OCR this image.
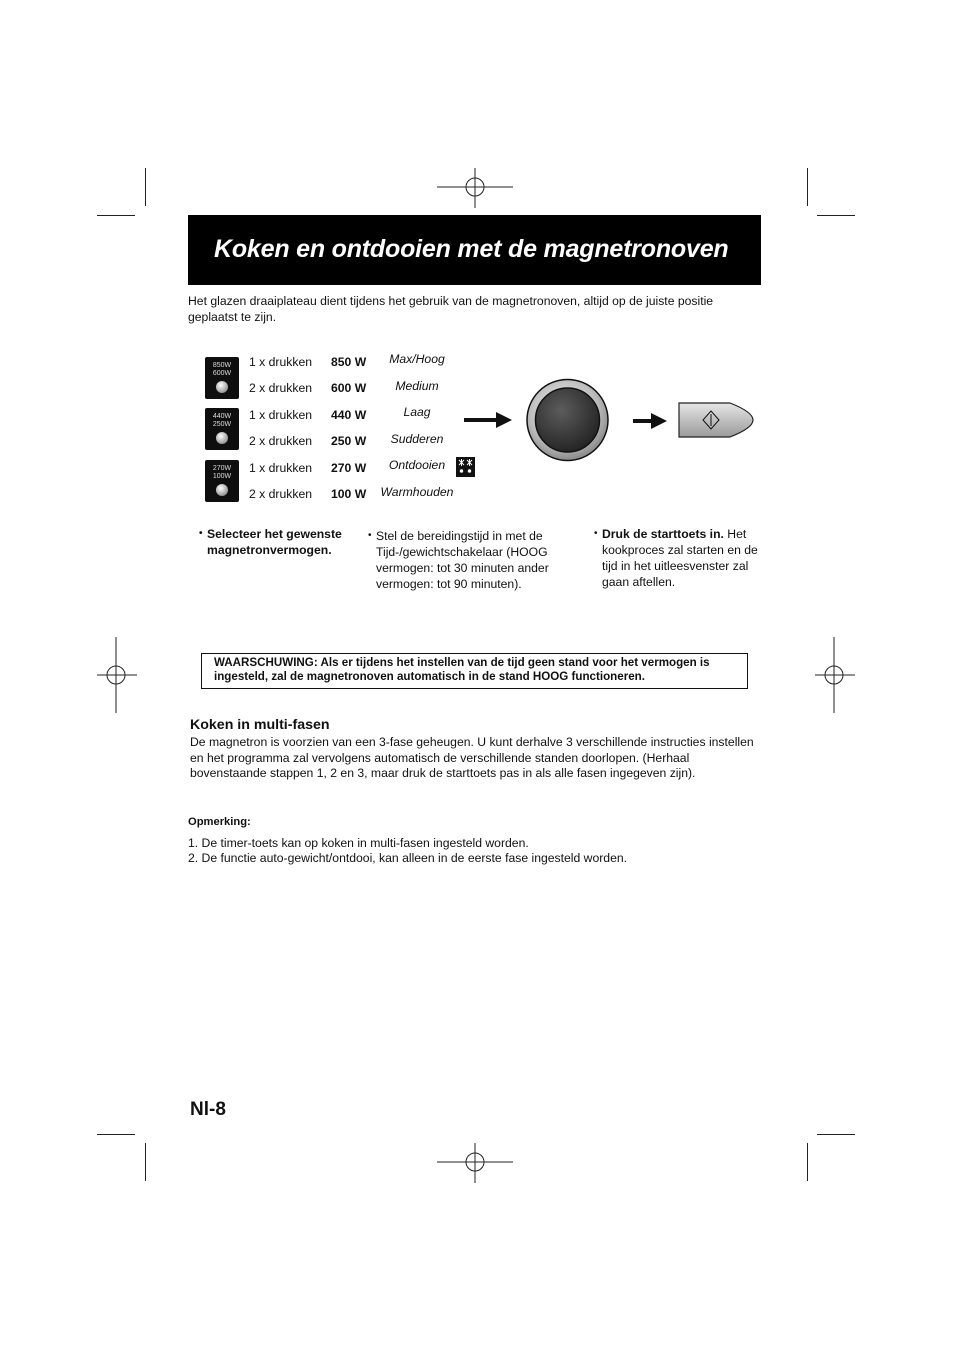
Koken en ontdooien met de magnetronoven
Het glazen draaiplateau dient tijdens het gebruik van de magnetronoven, altijd op de juiste positie geplaatst te zijn.
850W
600W
440W
250W
270W
100W
1 x drukken 850 W	Max/Hoog
2 x drukken 600 W	Medium
1 x drukken 440 W	Laag
2 x drukken 250 W	Sudderen
1 x drukken 270 W	Ontdooien
2 x drukken 100 W	Warmhouden
• Selecteer het gewenste magnetronvermogen.
• Stel de bereidingstijd in met de Tijd-/gewichtschakelaar (HOOG vermogen: tot 30 minuten ander vermogen: tot 90 minuten).
• Druk de starttoets in. Het kookproces zal starten en de tijd in het uitleesvenster zal gaan aftellen.

WAARSCHUWING: Als er tijdens het instellen van de tijd geen stand voor het vermogen is ingesteld, zal de magnetronoven automatisch in de stand HOOG functioneren.

Koken in multi-fasen
De magnetron is voorzien van een 3-fase geheugen. U kunt derhalve 3 verschillende instructies instellen en het programma zal vervolgens automatisch de verschillende standen doorlopen. (Herhaal bovenstaande stappen 1, 2 en 3, maar druk de starttoets pas in als alle fasen ingegeven zijn).
Opmerking:
1. De timer-toets kan op koken in multi-fasen ingesteld worden.
2. De functie auto-gewicht/ontdooi, kan alleen in de eerste fase ingesteld worden.
Nl-8
